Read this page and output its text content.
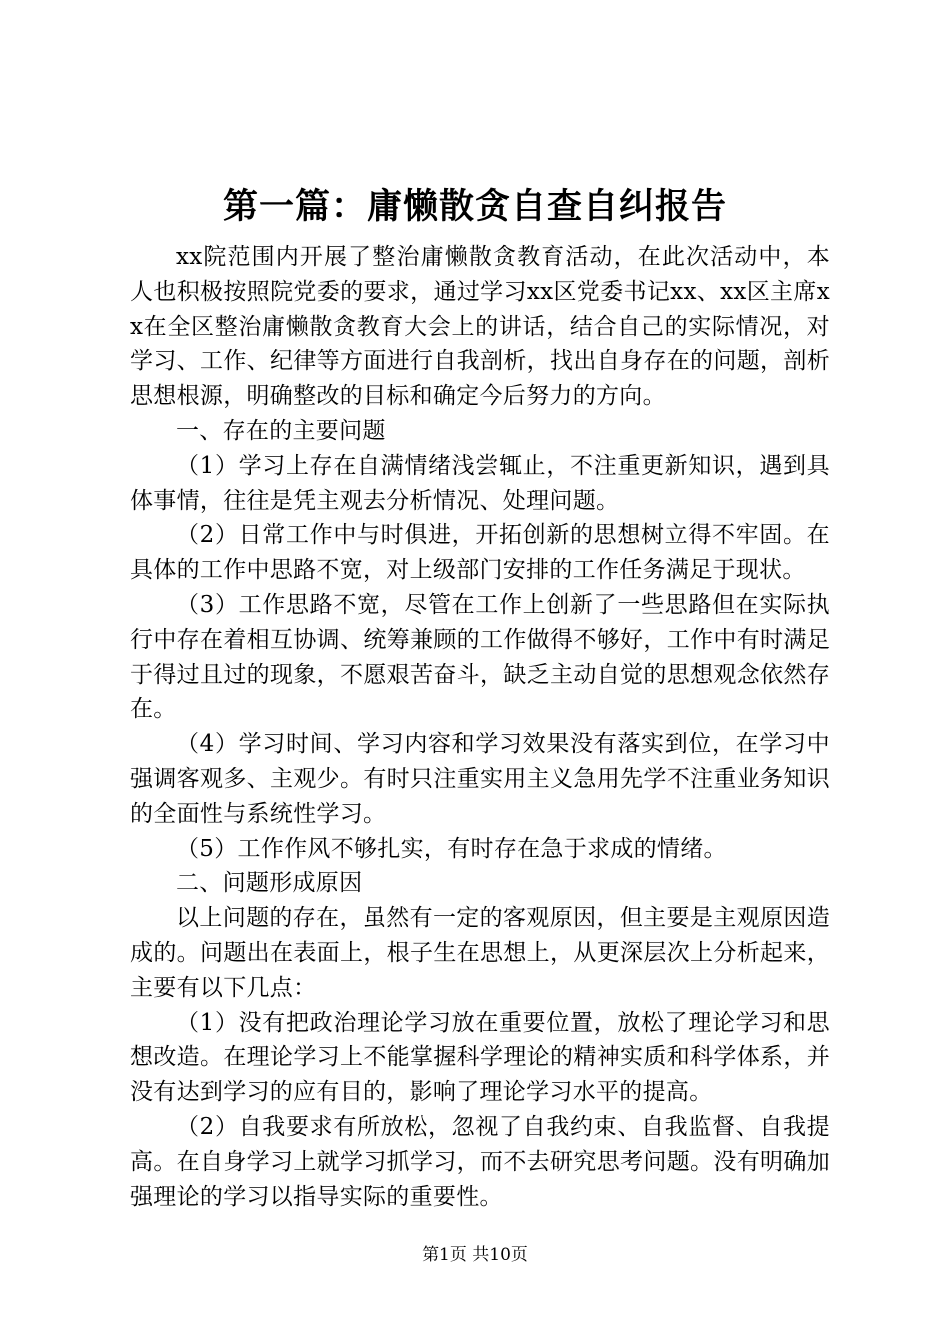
第一篇：庸懒散贪自查自纠报告

xx院范围内开展了整治庸懒散贪教育活动，在此次活动中，本人也积极按照院党委的要求，通过学习xx区党委书记xx、xx区主席xx在全区整治庸懒散贪教育大会上的讲话，结合自己的实际情况，对学习、工作、纪律等方面进行自我剖析，找出自身存在的问题，剖析思想根源，明确整改的目标和确定今后努力的方向。

一、存在的主要问题

（1）学习上存在自满情绪浅尝辄止，不注重更新知识，遇到具体事情，往往是凭主观去分析情况、处理问题。

（2）日常工作中与时俱进，开拓创新的思想树立得不牢固。在具体的工作中思路不宽，对上级部门安排的工作任务满足于现状。

（3）工作思路不宽，尽管在工作上创新了一些思路但在实际执行中存在着相互协调、统筹兼顾的工作做得不够好，工作中有时满足于得过且过的现象，不愿艰苦奋斗，缺乏主动自觉的思想观念依然存在。

（4）学习时间、学习内容和学习效果没有落实到位，在学习中强调客观多、主观少。有时只注重实用主义急用先学不注重业务知识的全面性与系统性学习。

（5）工作作风不够扎实，有时存在急于求成的情绪。

二、问题形成原因

以上问题的存在，虽然有一定的客观原因，但主要是主观原因造成的。问题出在表面上，根子生在思想上，从更深层次上分析起来，主要有以下几点：

（1）没有把政治理论学习放在重要位置，放松了理论学习和思想改造。在理论学习上不能掌握科学理论的精神实质和科学体系，并没有达到学习的应有目的，影响了理论学习水平的提高。

（2）自我要求有所放松，忽视了自我约束、自我监督、自我提高。在自身学习上就学习抓学习，而不去研究思考问题。没有明确加强理论的学习以指导实际的重要性。

第1页 共10页
